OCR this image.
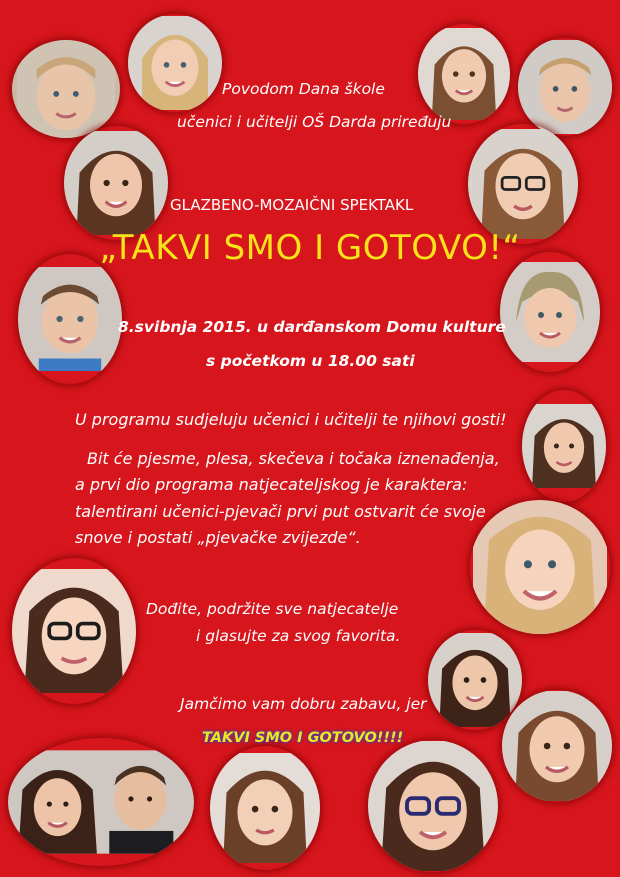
Povodom Dana škole
učenici i učitelji OŠ Darda priređuju
GLAZBENO-MOZAIČNI SPEKTAKL
„TAKVI SMO I GOTOVO!“
8.svibnja 2015. u darđanskom Domu kulture
s početkom u 18.00 sati
U programu sudjeluju učenici i učitelji te njihovi gosti!
Bit će pjesme, plesa, skečeva i točaka iznenađenja,
a prvi dio programa natjecateljskog je karaktera:
talentirani učenici-pjevači prvi put ostvarit će svoje
snove i postati „pjevačke zvijezde“.
Dođite, podržite sve natjecatelje
i glasujte za svog favorita.
Jamčimo vam dobru zabavu, jer
TAKVI SMO I GOTOVO!!!!
